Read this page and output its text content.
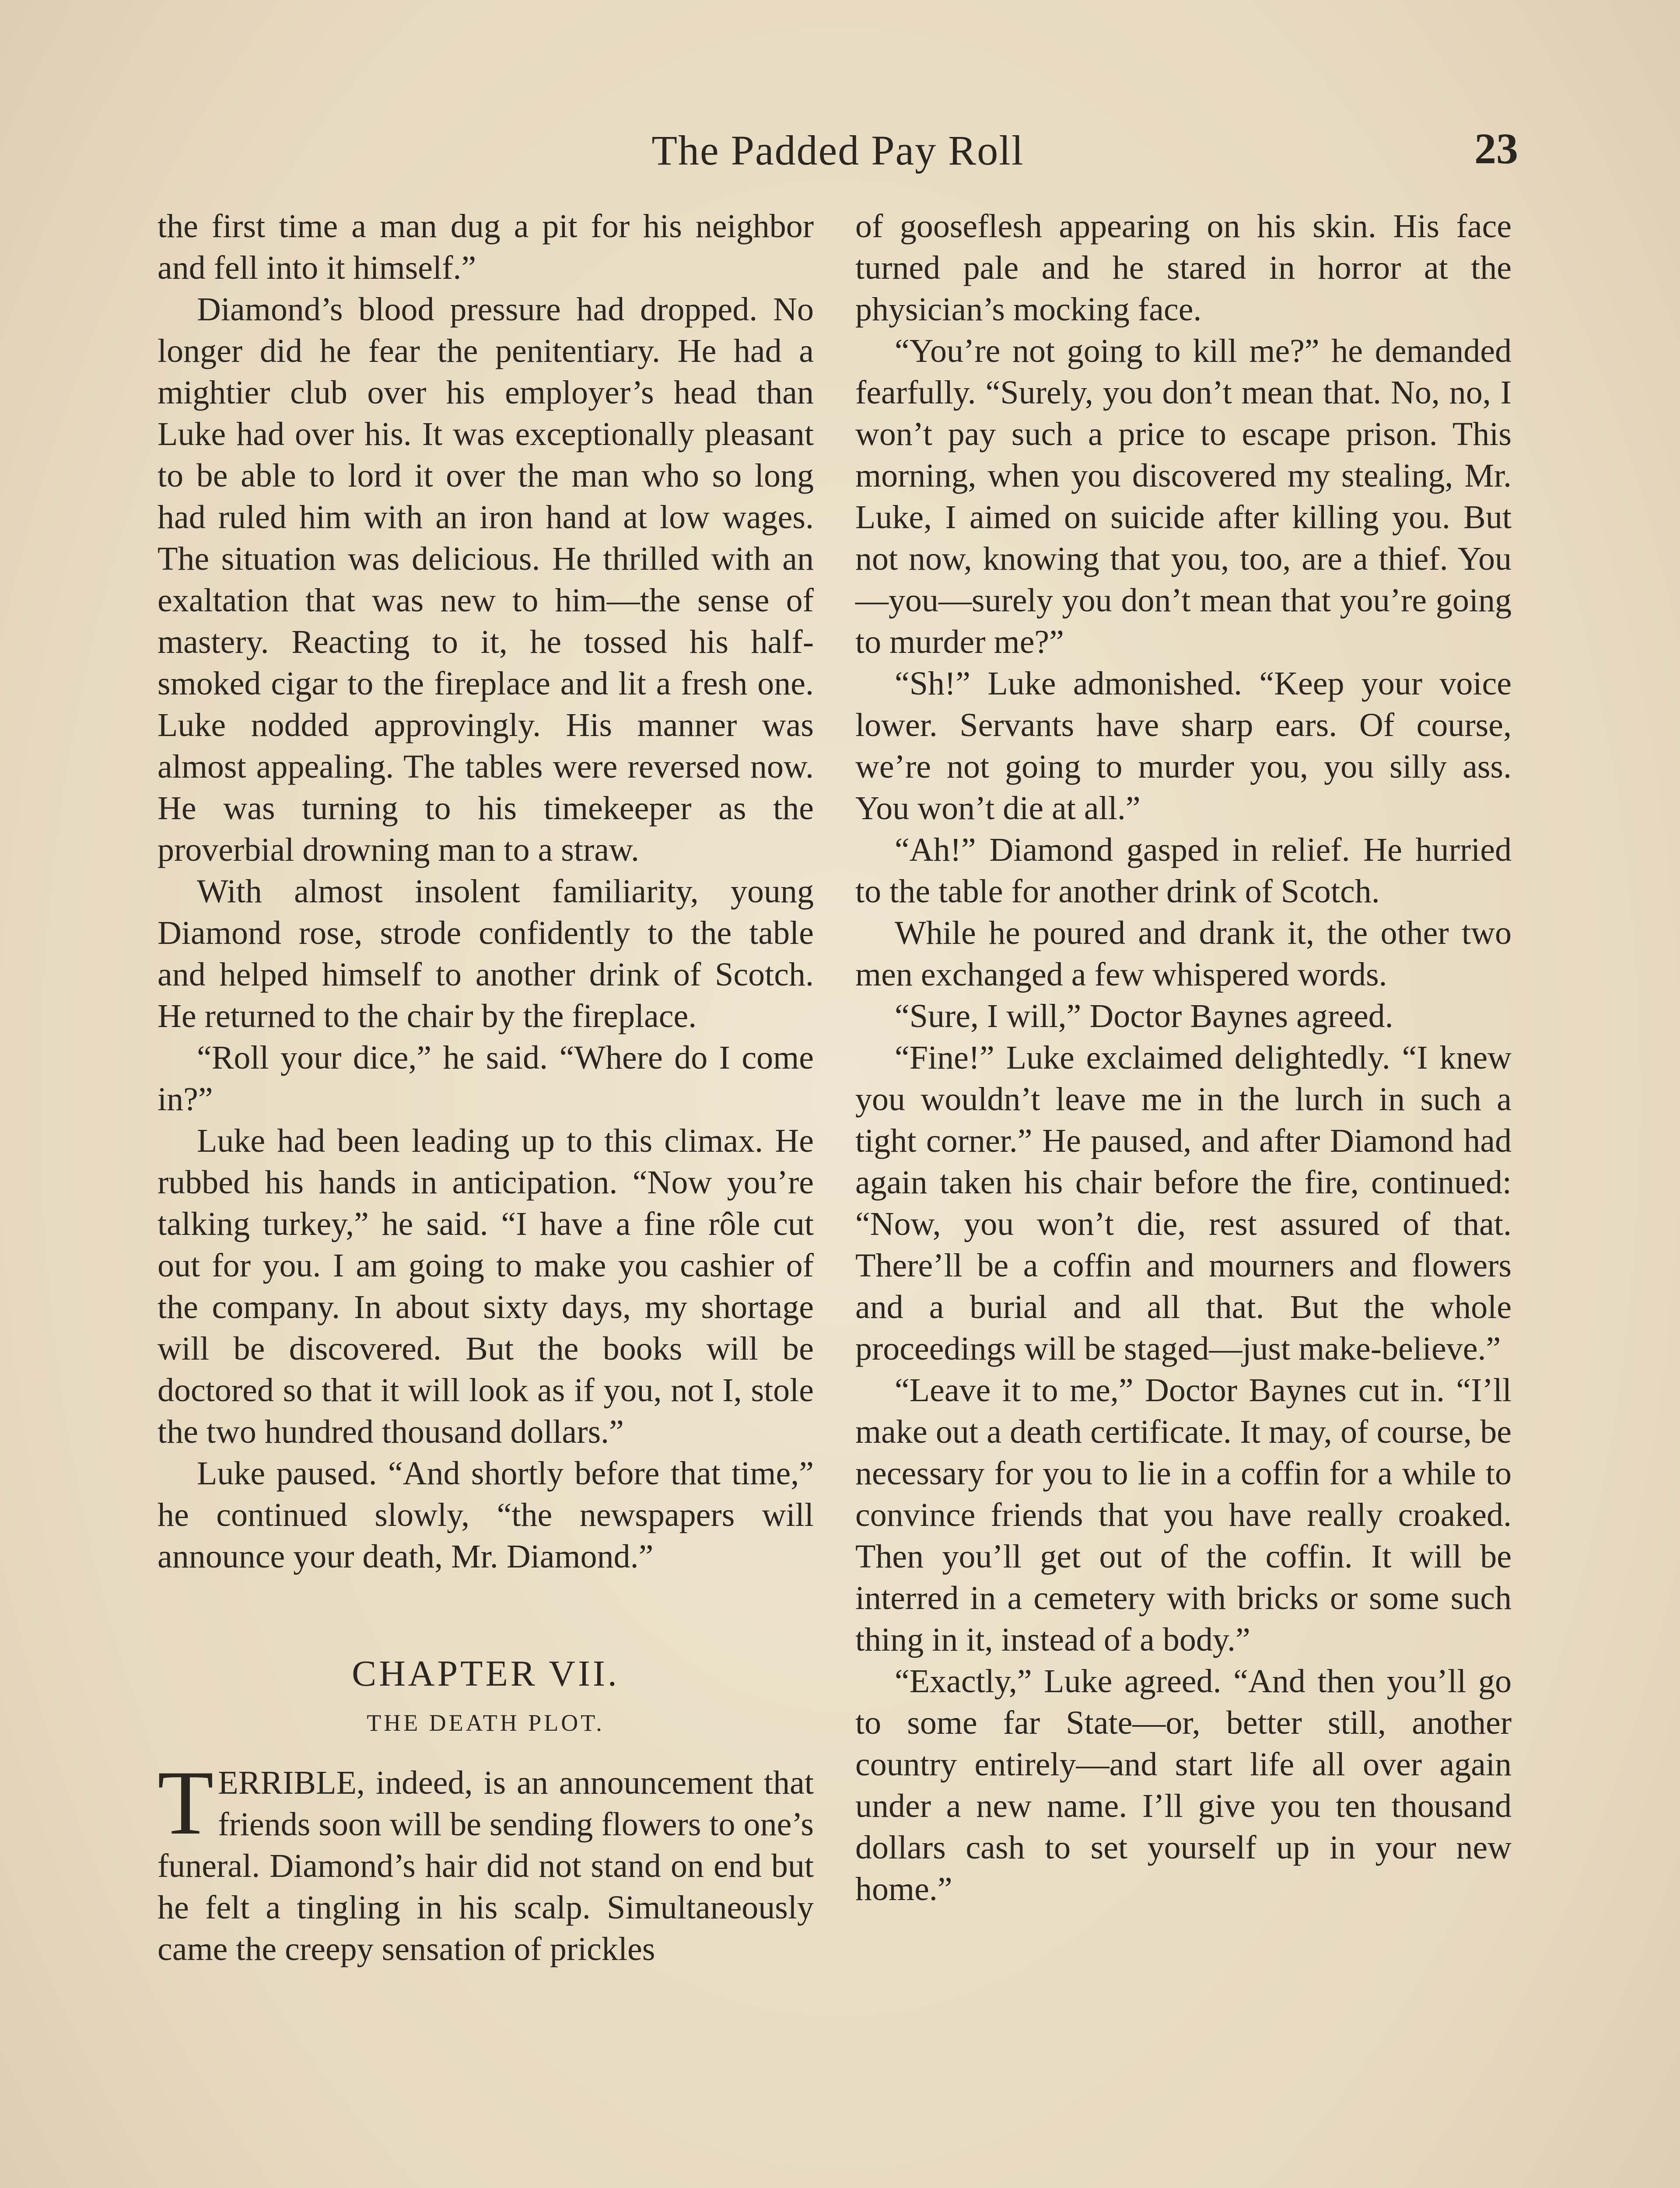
The Padded Pay Roll	23

the first time a man dug a pit for his neighbor and fell into it himself.”

Diamond’s blood pressure had dropped. No longer did he fear the penitentiary. He had a mightier club over his employer’s head than Luke had over his. It was exceptionally pleasant to be able to lord it over the man who so long had ruled him with an iron hand at low wages. The situation was delicious. He thrilled with an exaltation that was new to him—the sense of mastery. Reacting to it, he tossed his half-smoked cigar to the fireplace and lit a fresh one. Luke nodded approvingly. His manner was almost appealing. The tables were reversed now. He was turning to his timekeeper as the proverbial drowning man to a straw.

With almost insolent familiarity, young Diamond rose, strode confidently to the table and helped himself to another drink of Scotch. He returned to the chair by the fireplace.

“Roll your dice,” he said. “Where do I come in?”

Luke had been leading up to this climax. He rubbed his hands in anticipation. “Now you’re talking turkey,” he said. “I have a fine rôle cut out for you. I am going to make you cashier of the company. In about sixty days, my shortage will be discovered. But the books will be doctored so that it will look as if you, not I, stole the two hundred thousand dollars.”

Luke paused. “And shortly before that time,” he continued slowly, “the newspapers will announce your death, Mr. Diamond.”

CHAPTER VII.
THE DEATH PLOT.

TERRIBLE, indeed, is an announcement that friends soon will be sending flowers to one’s funeral. Diamond’s hair did not stand on end but he felt a tingling in his scalp. Simultaneously came the creepy sensation of prickles

of gooseflesh appearing on his skin. His face turned pale and he stared in horror at the physician’s mocking face.

“You’re not going to kill me?” he demanded fearfully. “Surely, you don’t mean that. No, no, I won’t pay such a price to escape prison. This morning, when you discovered my stealing, Mr. Luke, I aimed on suicide after killing you. But not now, knowing that you, too, are a thief. You—you—surely you don’t mean that you’re going to murder me?”

“Sh!” Luke admonished. “Keep your voice lower. Servants have sharp ears. Of course, we’re not going to murder you, you silly ass. You won’t die at all.”

“Ah!” Diamond gasped in relief. He hurried to the table for another drink of Scotch.

While he poured and drank it, the other two men exchanged a few whispered words.

“Sure, I will,” Doctor Baynes agreed.

“Fine!” Luke exclaimed delightedly. “I knew you wouldn’t leave me in the lurch in such a tight corner.” He paused, and after Diamond had again taken his chair before the fire, continued: “Now, you won’t die, rest assured of that. There’ll be a coffin and mourners and flowers and a burial and all that. But the whole proceedings will be staged—just make-believe.”

“Leave it to me,” Doctor Baynes cut in. “I’ll make out a death certificate. It may, of course, be necessary for you to lie in a coffin for a while to convince friends that you have really croaked. Then you’ll get out of the coffin. It will be interred in a cemetery with bricks or some such thing in it, instead of a body.”

“Exactly,” Luke agreed. “And then you’ll go to some far State—or, better still, another country entirely—and start life all over again under a new name. I’ll give you ten thousand dollars cash to set yourself up in your new home.”
